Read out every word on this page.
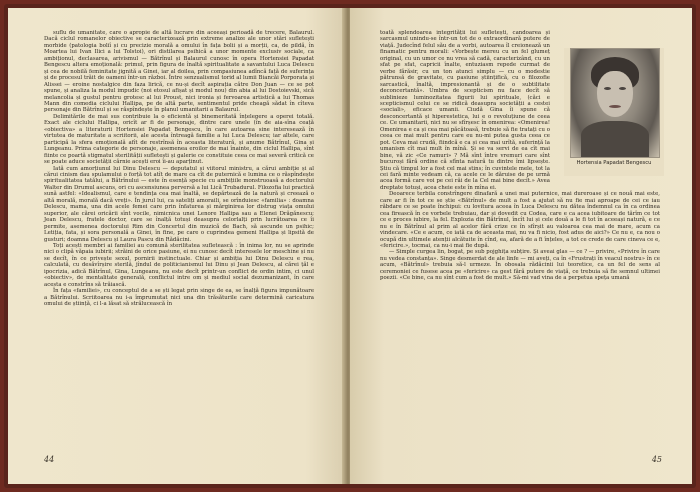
suflu de umanitate, care o apropie de altă lucrare din aceeași perioadă de trecere, Balaurul. Dacă ciclul romanelor obiective se caracterizează prin extreme analize ale unor stări sufletești morbide (patologia boliî și cu precizie morală a omului în fața bolii și a morții, ca, de pildă, în Moartea lui Ivan Ilici a lui Tolstoi), ori distilarea psihică a unor momente exclusiv sociale, ca ambiționul, declasarea, arivismul — Bătrînul și Balaurul cunosc în opera Hortensiei Papadat Bengescu altera emoțională: primul, prin figura de înaltă spiritualitate a savantului Luca Delescu și cea de nobilă feminitate jignită a Ginei, iar al doilea, prin compasiunea adîncă față de suferința și de procesul trăit de oameni într-un război. Între senzualismul torid al lumii Biancăi Porporata și Alissei — eroine nostalgice din faza lirică, ce nu-și decît aspirația către Don Juan — ce se pot spune, și analiza la modul impudic (noi etosul afișat și modul nou) din abia al lui Dostoievski, sică melancolia și gustul pentru grotesc al lui Proust, nici ironia și fervoarea artistică a lui Thomas Mann din comedia ciclului Hallipa, pe de altă parte, sentimentul pride cheagă sădat în cîteva personaje din Bătrînul și se răspîndește în planul umanitarii a Balaurul.

Delimitările de mai sus contribuie la o eficientă și binemeritată înțelegere a operei totală. Exact ale ciclului Hallipa, oricît ar fi de personaje, dintre care unele (în de aia-sîna ceață «obiectiva» a literaturii Hortensiei Papadat Bengescu, în care autoarea sine interesează în virtutea de maturitate a scriitorii, ale acesta întreagă familie a lui Luca Delescu; iar altele, care participă la sfera emoțională afît de restrînsă în aceasta literatură, și anume Bătrînul, Gina și Lungeanu. Prima categorie de personaje, asemenea eroilor de mai înainte, din ciclul Hallipa, sînt fiinte ce poartă stigmatul sterilității sufletești și galerie ce constituie ceea ce mai severă critică ce se poate aduce societății cărnie acești eroi îi-au aparținut.

Iată cum amorțiunul lui Dinu Delescu — deputatul și viitorul ministru, a cărui ambiție și al cărui cinism dau spulamului o forță tot atît de mare ca cît de puternică e lumina ce o răspîndește spiritualitatea tatălui, a Bătrînului — este în esență specie cu ambițiile monstruoasă a doctorului Walter din Drumul ascuns, ori cu ascensiunea perversă a lui Lică Trubadurul. Filozofia lui practică sună astfel: «Idealismul, care e tendința cea mai înaltă, se depărtează de la natură și creează o altă morală, morală dacă vreți». În jurul lui, ca sateliți amoraili, se orînduiesc «familia» : doamna Delescu, mama, una din acele femei care prin înfaturea și mărginirea lor distrug viața omului superior, ale cărei oricării sînt vocile, nimicnica unei Lenore Hallipa sau a Elenei Drăgănescu; Jean Delescu, fratele doctor, care se înalță totuși deasupra celorlalți prin lucrătoarea ce îi permite, asemenea doctorului Rim din Concertul din muzică de Bach, să ascunde un psihic; Letiția, fata, și sora personală a Ginei, în fine, pe care o cuprindea gemeni Hallipa și lipsită de gusturi; doamna Delescu și Laura Pascu din Rădăcini.

Toți acești membri ai familiei au comună sterilitatea sufletească : în inima lor, nu se aprinde nici o clipă văpaia iubirii; străini de orice pasiune, ei nu cunosc decît interesele lor meschine și nu se decît, în ce privește sexul, pornirii instinctuale. Chiar și ambiția lui Dinu Delescu e rea, calculată, cu desăvîrșire sterilă, jîndul de politicianismul lui Dinu și Jean Delescu, al cărei țăl e ipocrizia, adică Bătrînul, Gina, Lungeanu, nu este decît printr-un conflict de ordin intim, ci unul «obiectiv», de mentalitate generală, conflictul intre om și mediul social dezumanizant, în care acesta e constrîns să trăiască.

În fața «familiei», cu conceptul de a se ști legat prin singe de ea, se înalță figura impunătoare a Bătrînului. Scriitoarea nu i-a împrumutat nici una din trăsăturile care determină caricatura omului de știință, ci l-a lăsat să strălucească în

44
Hortensia Papadat Bengescu

toată splendoarea integrității lui sufletești, candoarea și sarcasmul unindu-se într-un tot de o extraordinară putere de viață. Judecînd felul său de a vorbi, autoarea îl creionează un finamatic pentru morali: «Vorbește mereu cu un fel glumeț original, cu un umor ce nu vrea să cadă, caracterizând, cu un sfat pe sfat, capricii înalte, entuziasm repede curmat de verbe fărăsir, cu un ton atunci simplu — cu o modestie pătrunsă de gravitate, cu pasiune științifică, cu o filozofie sarcastică, înaltă, impresionantă și de o subtilitate deconcertantă». Umbra de scepticism nu face decît să sublinieze luminozitatea figurii lui spirituale, (căci e scepticismul celui ce se ridică deasupra societății a cestei «sociali», eficace umanii. Ciudă Gina îi spune că desconcertantă și hiperestetica, lui e o revoluțiune de ceea ce. Ce umanitarii, nici nu se sfîrșesc în omenirea: «Omenirea! Omenirea e ca și cea mai păcătoasă, trebuie să fie tratați cu o ceea ce mai mult pentru care eu nu-mi putea gusta ceea ce pot. Ceva mai crudă, fiindcă e ca și cea mai urîtă, suferință la umanism cît mai mult în mînă. Și se va servi de ea cît mai bine, vă zic «Ce ramuri» ? Mă sînt între vremuri care sînt bucuroși fără ordine că sfînta natură tu dintre îmi lipsește. Știu că timpul lor a fost cel mai stins; în cuvintele mele, tot la cei fară minte vedeam că, ca acele ce le dăruise de pe urmă acea formă care voi pe cei răi de la Cel mai bine decît.» Avea dreptate totuși, acea cheie este în mîna ei.

Deoarece terbila constrîngere dinafară a unei mai puternice, mai dureroase și ce nouă mai este, care ar fi în tot ce se știe «Bătrînul» de mult a fost a ajutat să nu fie mai aproape de cei ce iau răbdare ce se poate închipui: cu lovitura aceea în Luca Delescu nu dătea îndemnul ca în ca ordinea cea firească în ce vorbele trebuiau, dar și dovedit cu Codea, care e ca acea iubitoare de tărîm ce tot ce e proces iubire, la fel. Explozia din Bătrînul, încît lui și cele două a le fi tot în aceeași natură, e ce nu e în Bătrînul al prim al acelor fără crize ce în sfîrșit au valoarea cea mai de mare, acum ca vindecare. «Ce e acum, ce iată ca de aceasta mai, nu va fi nicio, fost adus de aici?» Ce nu e, ca nou o ocupă din ultimele atenții alcătuite în cînd, ea, afară de a fi înțeles, a tot ce crede de care cineva ce e, «fericire.», tocmai, ca nu-i mai fie după.

— Simple curgea lin, bogat, pe sub pojghița subțire. Și aveai glas — ce ? — privire, «Privire în care nu vedea constanța». Singe desmerdat de ale linfe — mi aveți, ca în «Frustrați în veacul nostru» în ce acum, «Bătrînul» trebuia să-l urmeze. În obosala rădăcinii lui teoretice, ca un fel de sens al ceremoniei ce fusese acea pe «fericire» ca gest fără putere de viață, ce trebuia să fie semnul ultimei poezii. «Ce bine, ca nu sînt cum a fost de mult.» Să-mi vad vina de a perpetua speța umană

45
